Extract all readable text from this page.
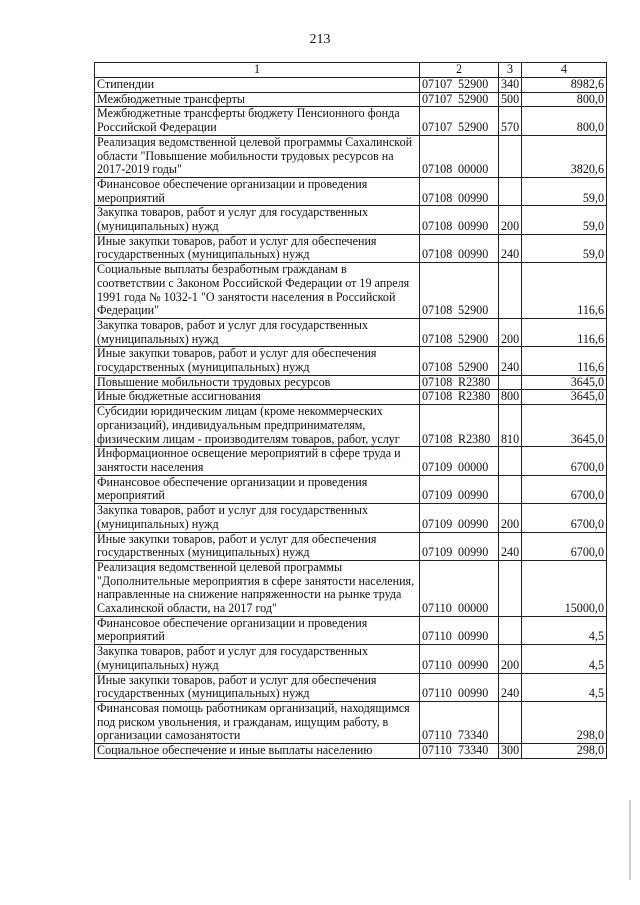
213
1	2	3	4
Стипендии	07107 52900	340	8982,6
Межбюджетные трансферты	07107 52900	500	800,0
Межбюджетные трансферты бюджету Пенсионного фонда Российской Федерации	07107 52900	570	800,0
Реализация ведомственной целевой программы Сахалинской области "Повышение мобильности трудовых ресурсов на 2017-2019 годы"	07108 00000		3820,6
Финансовое обеспечение организации и проведения мероприятий	07108 00990		59,0
Закупка товаров, работ и услуг для государственных (муниципальных) нужд	07108 00990	200	59,0
Иные закупки товаров, работ и услуг для обеспечения государственных (муниципальных) нужд	07108 00990	240	59,0
Социальные выплаты безработным гражданам в соответствии с Законом Российской Федерации от 19 апреля 1991 года № 1032-1 "О занятости населения в Российской Федерации"	07108 52900		116,6
Закупка товаров, работ и услуг для государственных (муниципальных) нужд	07108 52900	200	116,6
Иные закупки товаров, работ и услуг для обеспечения государственных (муниципальных) нужд	07108 52900	240	116,6
Повышение мобильности трудовых ресурсов	07108 R2380		3645,0
Иные бюджетные ассигнования	07108 R2380	800	3645,0
Субсидии юридическим лицам (кроме некоммерческих организаций), индивидуальным предпринимателям, физическим лицам - производителям товаров, работ, услуг	07108 R2380	810	3645,0
Информационное освещение мероприятий в сфере труда и занятости населения	07109 00000		6700,0
Финансовое обеспечение организации и проведения мероприятий	07109 00990		6700,0
Закупка товаров, работ и услуг для государственных (муниципальных) нужд	07109 00990	200	6700,0
Иные закупки товаров, работ и услуг для обеспечения государственных (муниципальных) нужд	07109 00990	240	6700,0
Реализация ведомственной целевой программы "Дополнительные мероприятия в сфере занятости населения, направленные на снижение напряженности на рынке труда Сахалинской области, на 2017 год"	07110 00000		15000,0
Финансовое обеспечение организации и проведения мероприятий	07110 00990		4,5
Закупка товаров, работ и услуг для государственных (муниципальных) нужд	07110 00990	200	4,5
Иные закупки товаров, работ и услуг для обеспечения государственных (муниципальных) нужд	07110 00990	240	4,5
Финансовая помощь работникам организаций, находящимся под риском увольнения, и гражданам, ищущим работу, в организации самозанятости	07110 73340		298,0
Социальное обеспечение и иные выплаты населению	07110 73340	300	298,0
